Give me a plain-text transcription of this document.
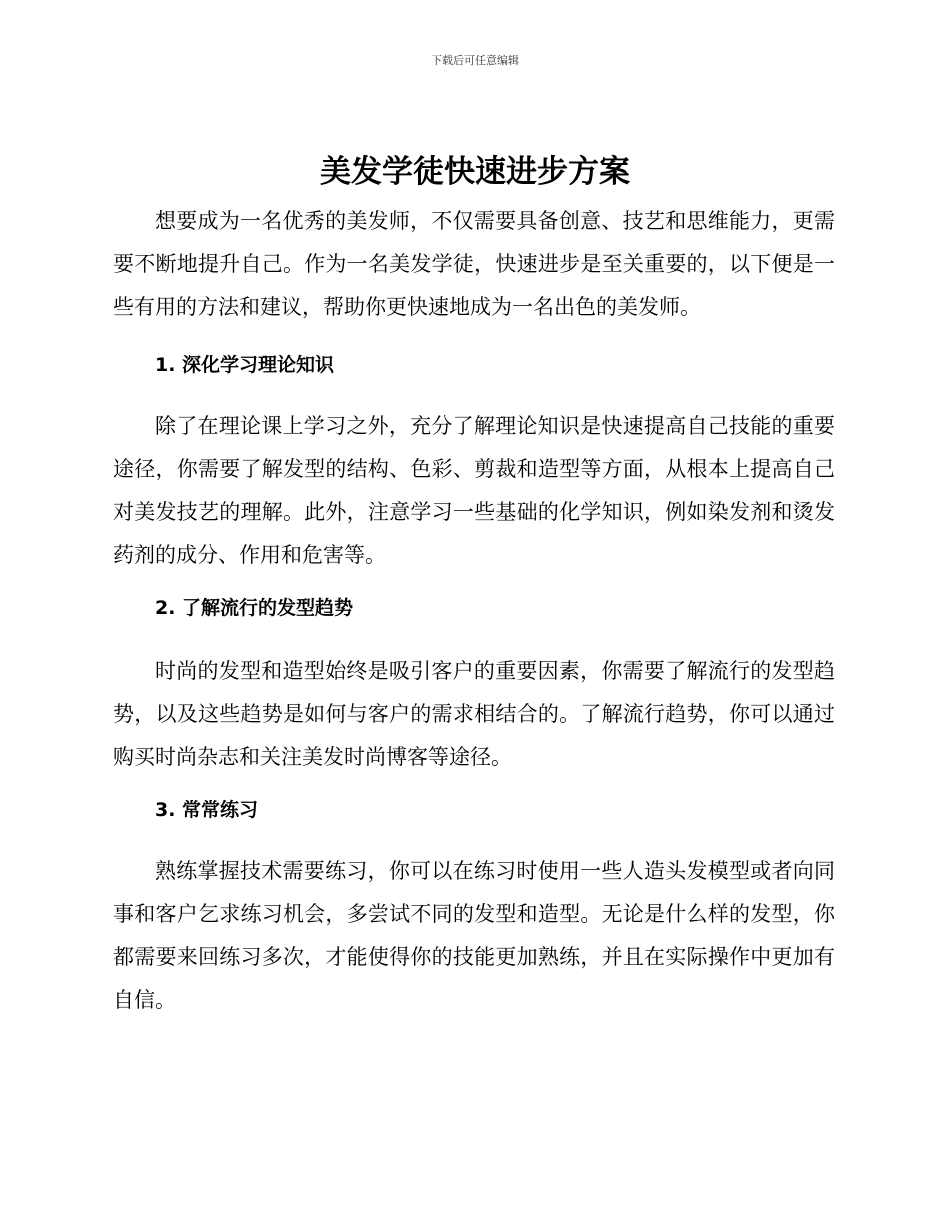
下载后可任意编辑
美发学徒快速进步方案

想要成为一名优秀的美发师，不仅需要具备创意、技艺和思维能力，更需要不断地提升自己。作为一名美发学徒，快速进步是至关重要的，以下便是一些有用的方法和建议，帮助你更快速地成为一名出色的美发师。

1. 深化学习理论知识

除了在理论课上学习之外，充分了解理论知识是快速提高自己技能的重要途径，你需要了解发型的结构、色彩、剪裁和造型等方面，从根本上提高自己对美发技艺的理解。此外，注意学习一些基础的化学知识，例如染发剂和烫发药剂的成分、作用和危害等。

2. 了解流行的发型趋势

时尚的发型和造型始终是吸引客户的重要因素，你需要了解流行的发型趋势，以及这些趋势是如何与客户的需求相结合的。了解流行趋势，你可以通过购买时尚杂志和关注美发时尚博客等途径。

3. 常常练习

熟练掌握技术需要练习，你可以在练习时使用一些人造头发模型或者向同事和客户乞求练习机会，多尝试不同的发型和造型。无论是什么样的发型，你都需要来回练习多次，才能使得你的技能更加熟练，并且在实际操作中更加有自信。
